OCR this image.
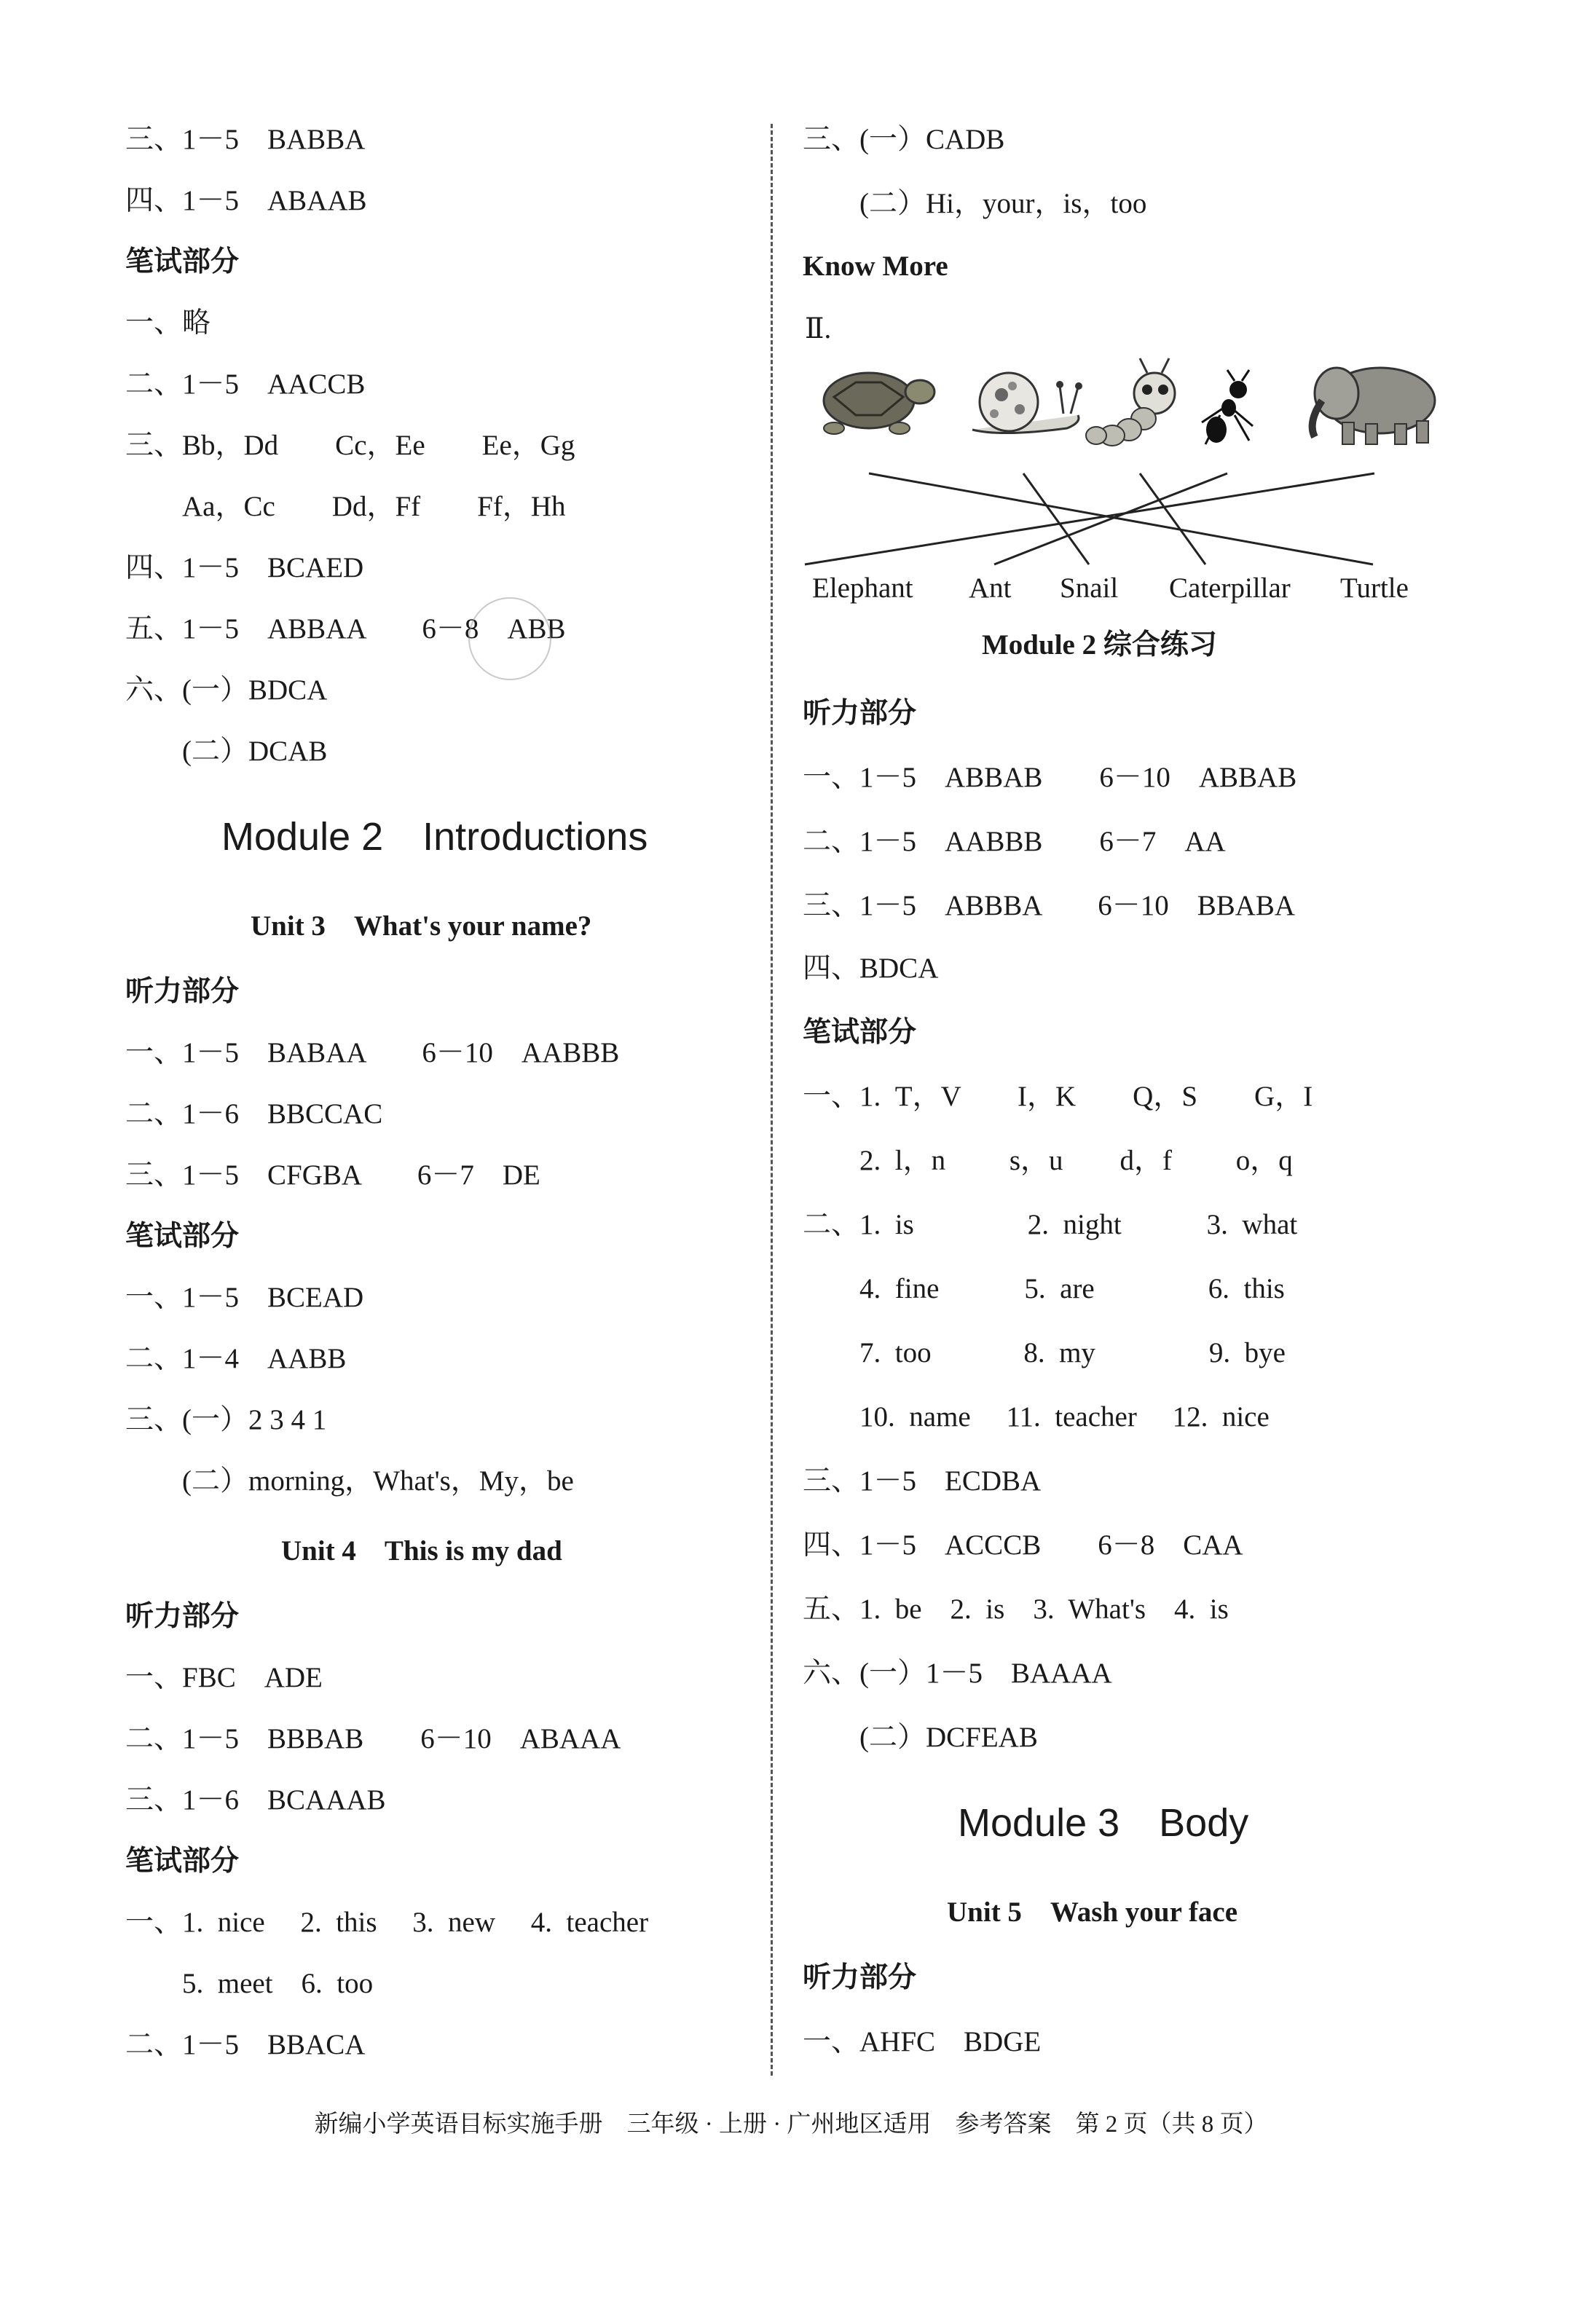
三、1－5　BABBA
四、1－5　ABAAB
笔试部分
一、略
二、1－5　AACCB
三、Bb，Dd　　Cc，Ee　　Ee，Gg
　　Aa，Cc　　Dd，Ff　　Ff，Hh
四、1－5　BCAED
五、1－5　ABBAA　　6－8　ABB
六、(一）BDCA
　　(二）DCAB
Module 2　Introductions
Unit 3　What's your name?
听力部分
一、1－5　BABAA　　6－10　AABBB
二、1－6　BBCCAC
三、1－5　CFGBA　　6－7　DE
笔试部分
一、1－5　BCEAD
二、1－4　AABB
三、(一）2 3 4 1
　　(二）morning，What's，My，be
Unit 4　This is my dad
听力部分
一、FBC　ADE
二、1－5　BBBAB　　6－10　ABAAA
三、1－6　BCAAAB
笔试部分
一、1.  nice　 2.  this　 3.  new　 4.  teacher
　　5.  meet　6.  too
二、1－5　BBACA
三、(一）CADB
　　(二）Hi，your，is，too
Know More
Ⅱ.
Elephant Ant Snail Caterpillar Turtle
Module 2 综合练习
听力部分
一、1－5　ABBAB　　6－10　ABBAB
二、1－5　AABBB　　6－7　AA
三、1－5　ABBBA　　6－10　BBABA
四、BDCA
笔试部分
一、1.  T，V　　I，K　　Q，S　　G，I
　　2.  l，n　　 s，u　　d，f　　 o，q
二、1.  is　　　　2.  night　　　3.  what
　　4.  fine　　　5.  are　　　　6.  this
　　7.  too　　　 8.  my　　　　9.  bye
　　10.  name　 11.  teacher　 12.  nice
三、1－5　ECDBA
四、1－5　ACCCB　　6－8　CAA
五、1.  be　2.  is　3.  What's　4.  is
六、(一）1－5　BAAAA
　　(二）DCFEAB
Module 3　Body
Unit 5　Wash your face
听力部分
一、AHFC　BDGE
新编小学英语目标实施手册　三年级 · 上册 · 广州地区适用　参考答案　第 2 页（共 8 页）
